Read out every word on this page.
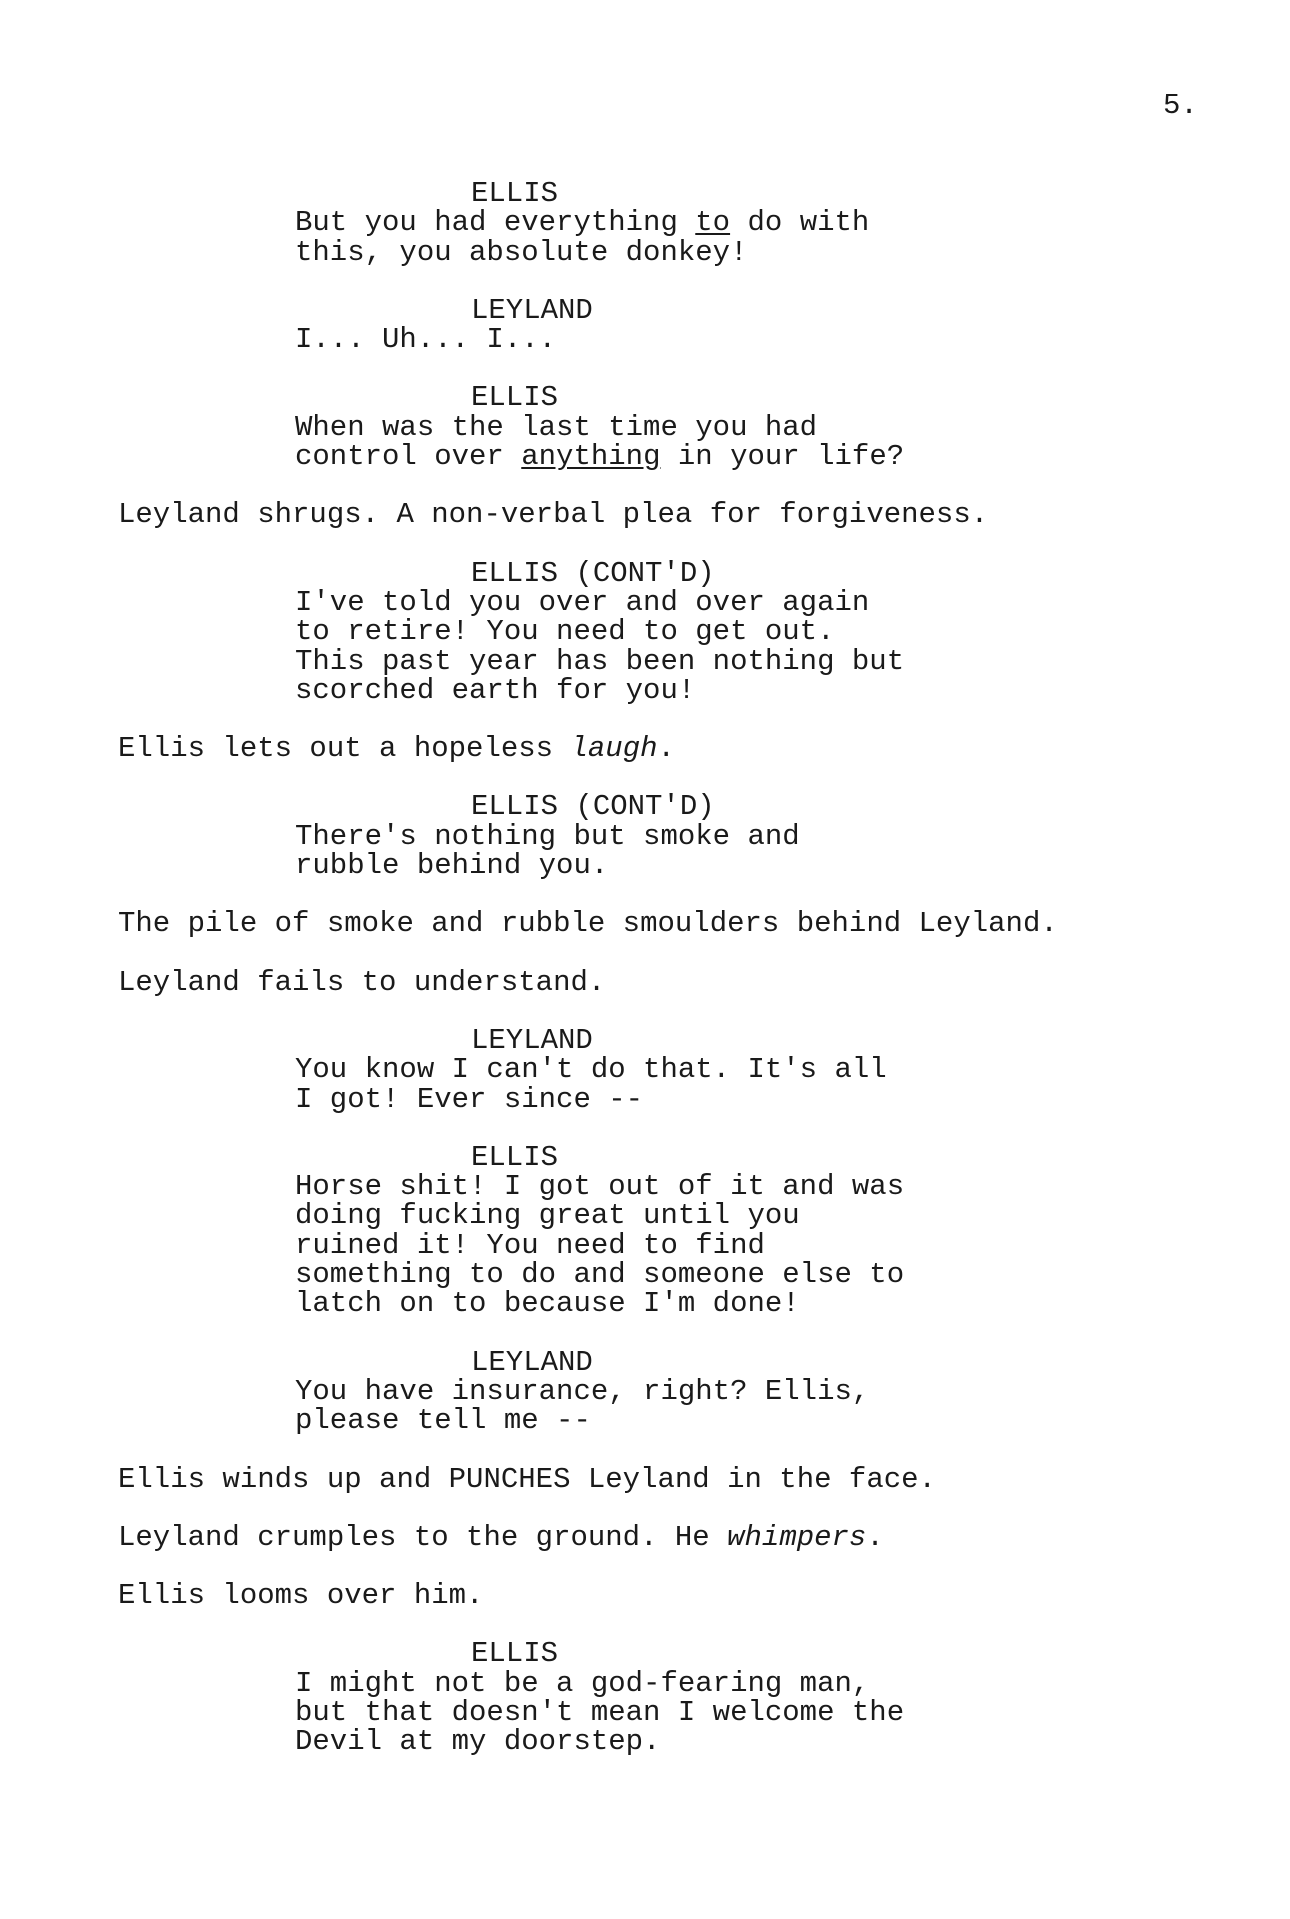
5.
ELLIS
But you had everything to do with
this, you absolute donkey!
LEYLAND
I... Uh... I...
ELLIS
When was the last time you had
control over anything in your life?
Leyland shrugs. A non-verbal plea for forgiveness.
ELLIS (CONT'D)
I've told you over and over again
to retire! You need to get out.
This past year has been nothing but
scorched earth for you!
Ellis lets out a hopeless laugh.
ELLIS (CONT'D)
There's nothing but smoke and
rubble behind you.
The pile of smoke and rubble smoulders behind Leyland.
Leyland fails to understand.
LEYLAND
You know I can't do that. It's all
I got! Ever since --
ELLIS
Horse shit! I got out of it and was
doing fucking great until you
ruined it! You need to find
something to do and someone else to
latch on to because I'm done!
LEYLAND
You have insurance, right? Ellis,
please tell me --
Ellis winds up and PUNCHES Leyland in the face.
Leyland crumples to the ground. He whimpers.
Ellis looms over him.
ELLIS
I might not be a god-fearing man,
but that doesn't mean I welcome the
Devil at my doorstep.
